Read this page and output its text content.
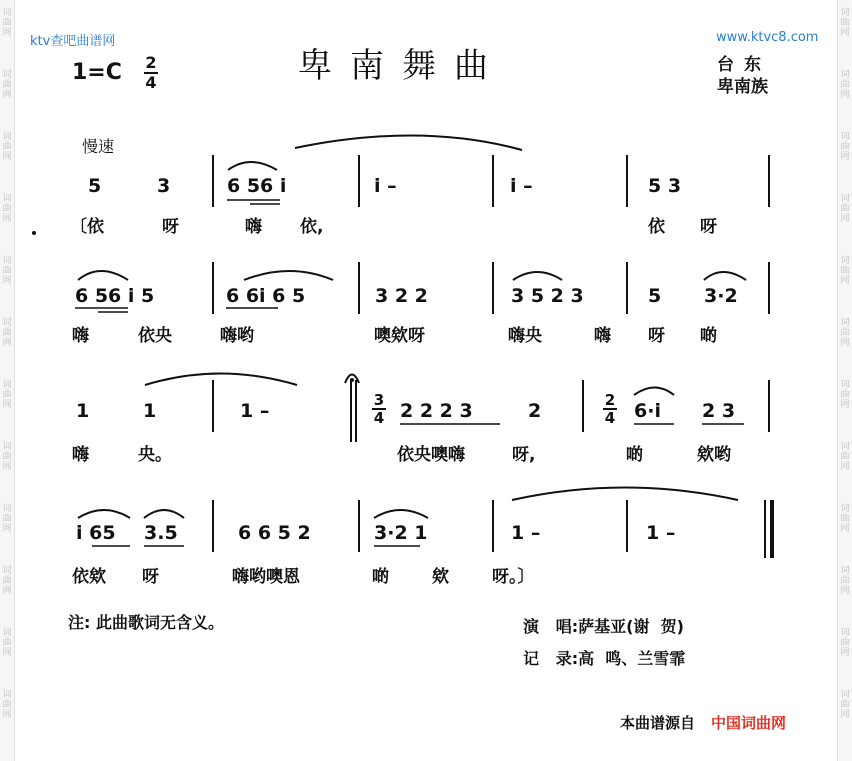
词
曲
网
词
曲
网
词
曲
网
词
曲
网
词
曲
网
词
曲
网
词
曲
网
词
曲
网
词
曲
网
词
曲
网
词
曲
网
词
曲
网
词
曲
网
词
曲
网
词
曲
网
词
曲
网
词
曲
网
词
曲
网
词
曲
网
词
曲
网
词
曲
网
词
曲
网
词
曲
网
词
曲
网
ktv查吧曲谱网	www.ktvc8.com
卑南舞曲
1=C 2
4
台东
卑南族
慢速
5	3	6 56 i	i –	i –	5 3
〔依	呀	嗨 依,	依 呀
6 56 i 5	6 6i 6 5	3 2 2	3 5 2 3	5 3·2
嗨	依央	嗨哟	噢欸呀	嗨央	嗨 呀 啲
1	1	1 –	3
4 2 2 2 3	2	2
4 6·i 2 3
嗨	央。	依央噢嗨	呀,	啲	欸哟
i 65 3.5	6 6 5 2	3·2 1	1 –	1 –
依欸 呀	嗨哟噢恩	啲	欸	呀。〕
注: 此曲歌词无含义。	演   唱:萨基亚(谢  贺)
记   录:高  鸣、兰雪霏
本曲谱源自 中国词曲网
